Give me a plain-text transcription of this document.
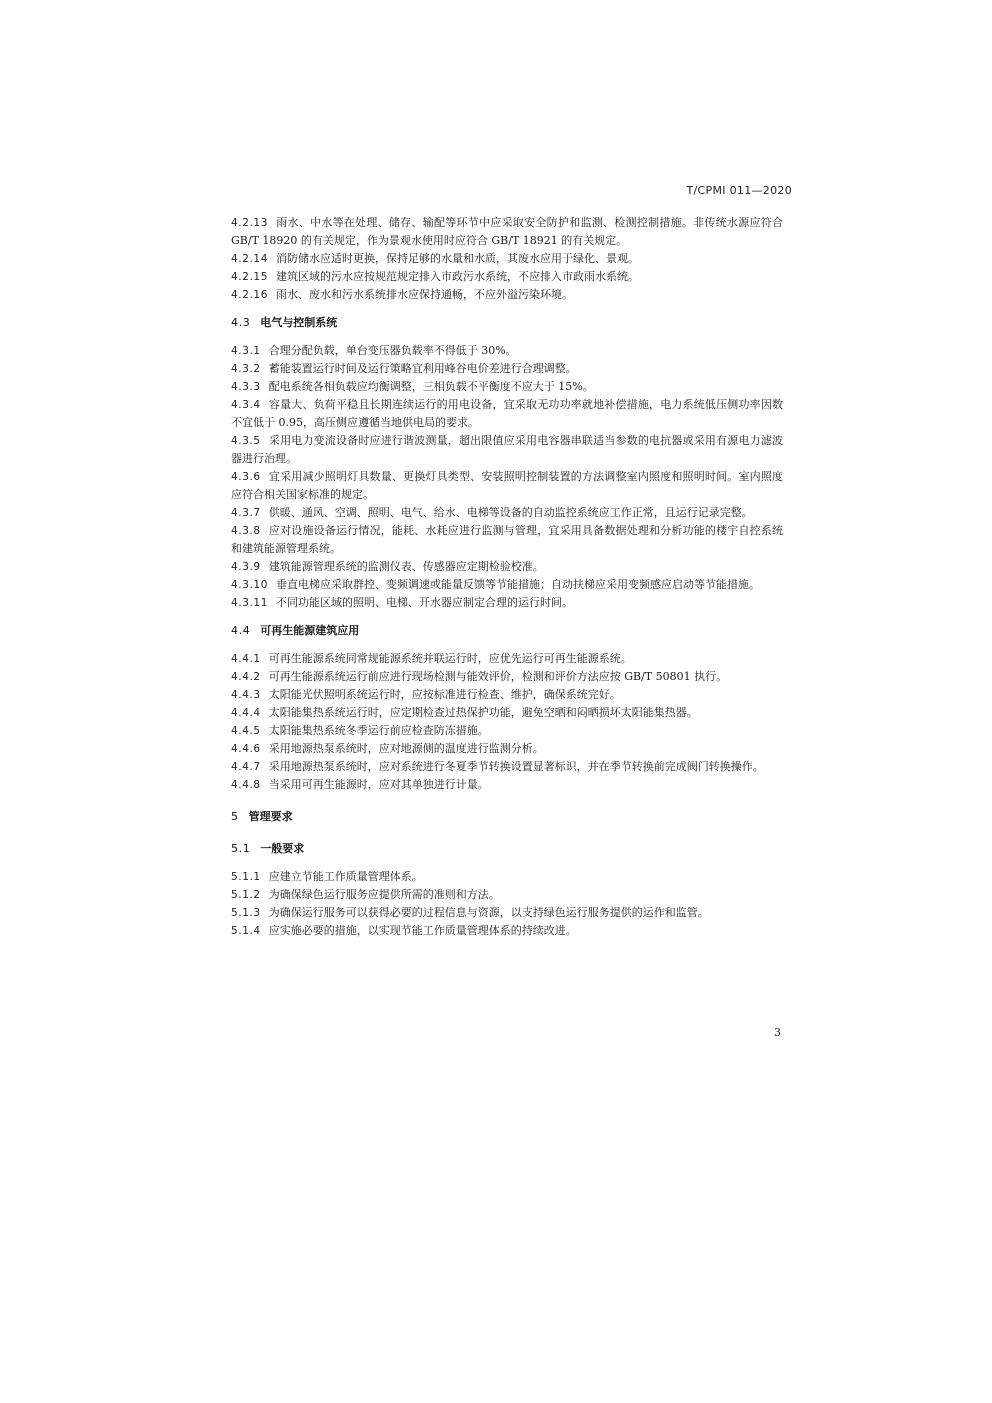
T/CPMI 011—2020
4.2.13 雨水、中水等在处理、储存、输配等环节中应采取安全防护和监测、检测控制措施。非传统水源应符合 GB/T 18920 的有关规定，作为景观水使用时应符合 GB/T 18921 的有关规定。
4.2.14 消防储水应适时更换，保持足够的水量和水质，其废水应用于绿化、景观。
4.2.15 建筑区域的污水应按规范规定排入市政污水系统，不应排入市政雨水系统。
4.2.16 雨水、废水和污水系统排水应保持通畅，不应外溢污染环境。
4.3 电气与控制系统
4.3.1 合理分配负载，单台变压器负载率不得低于 30%。
4.3.2 蓄能装置运行时间及运行策略宜利用峰谷电价差进行合理调整。
4.3.3 配电系统各相负载应均衡调整，三相负载不平衡度不应大于 15%。
4.3.4 容量大、负荷平稳且长期连续运行的用电设备，宜采取无功功率就地补偿措施，电力系统低压侧功率因数不宜低于 0.95，高压侧应遵循当地供电局的要求。
4.3.5 采用电力变流设备时应进行谐波测量，超出限值应采用电容器串联适当参数的电抗器或采用有源电力滤波器进行治理。
4.3.6 宜采用减少照明灯具数量、更换灯具类型、安装照明控制装置的方法调整室内照度和照明时间。室内照度应符合相关国家标准的规定。
4.3.7 供暖、通风、空调、照明、电气、给水、电梯等设备的自动监控系统应工作正常，且运行记录完整。
4.3.8 应对设施设备运行情况，能耗、水耗应进行监测与管理，宜采用具备数据处理和分析功能的楼宇自控系统和建筑能源管理系统。
4.3.9 建筑能源管理系统的监测仪表、传感器应定期检验校准。
4.3.10 垂直电梯应采取群控、变频调速或能量反馈等节能措施；自动扶梯应采用变频感应启动等节能措施。
4.3.11 不同功能区域的照明、电梯、开水器应制定合理的运行时间。
4.4 可再生能源建筑应用
4.4.1 可再生能源系统同常规能源系统并联运行时，应优先运行可再生能源系统。
4.4.2 可再生能源系统运行前应进行现场检测与能效评价，检测和评价方法应按 GB/T 50801 执行。
4.4.3 太阳能光伏照明系统运行时，应按标准进行检查、维护，确保系统完好。
4.4.4 太阳能集热系统运行时，应定期检查过热保护功能，避免空晒和闷晒损坏太阳能集热器。
4.4.5 太阳能集热系统冬季运行前应检查防冻措施。
4.4.6 采用地源热泵系统时，应对地源侧的温度进行监测分析。
4.4.7 采用地源热泵系统时，应对系统进行冬夏季节转换设置显著标识，并在季节转换前完成阀门转换操作。
4.4.8 当采用可再生能源时，应对其单独进行计量。
5 管理要求
5.1 一般要求
5.1.1 应建立节能工作质量管理体系。
5.1.2 为确保绿色运行服务应提供所需的准则和方法。
5.1.3 为确保运行服务可以获得必要的过程信息与资源，以支持绿色运行服务提供的运作和监管。
5.1.4 应实施必要的措施，以实现节能工作质量管理体系的持续改进。
3
